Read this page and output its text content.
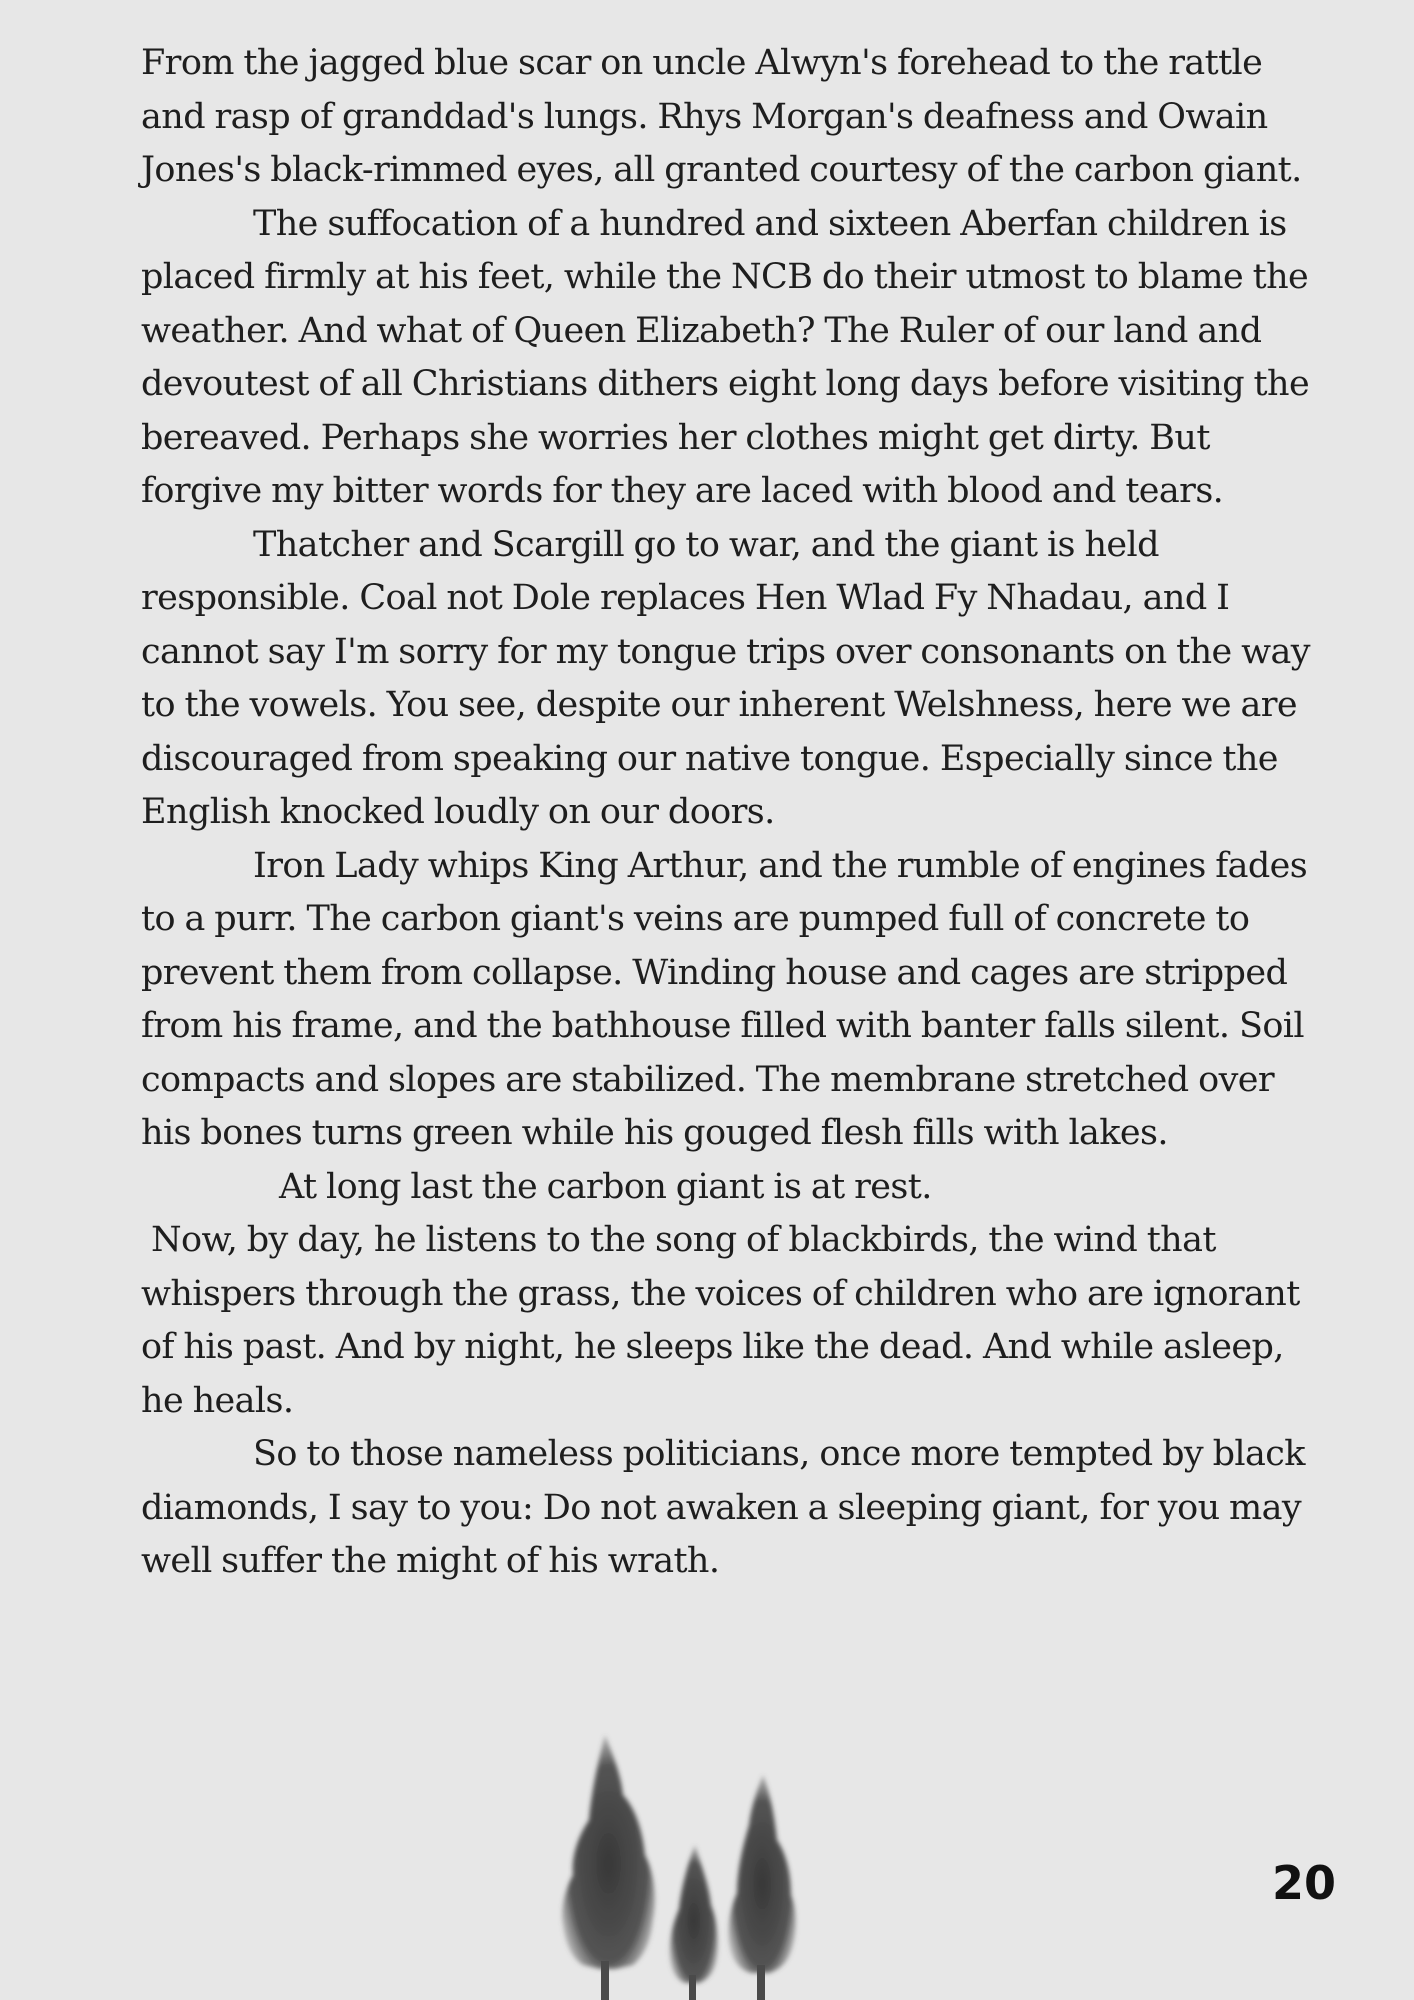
From the jagged blue scar on uncle Alwyn's forehead to the rattle and rasp of granddad's lungs. Rhys Morgan's deafness and Owain Jones's black-rimmed eyes, all granted courtesy of the carbon giant.

The suffocation of a hundred and sixteen Aberfan children is placed firmly at his feet, while the NCB do their utmost to blame the weather. And what of Queen Elizabeth? The Ruler of our land and devoutest of all Christians dithers eight long days before visiting the bereaved. Perhaps she worries her clothes might get dirty. But forgive my bitter words for they are laced with blood and tears.

Thatcher and Scargill go to war, and the giant is held responsible. Coal not Dole replaces Hen Wlad Fy Nhadau, and I cannot say I'm sorry for my tongue trips over consonants on the way to the vowels. You see, despite our inherent Welshness, here we are discouraged from speaking our native tongue. Especially since the English knocked loudly on our doors.

Iron Lady whips King Arthur, and the rumble of engines fades to a purr. The carbon giant's veins are pumped full of concrete to prevent them from collapse. Winding house and cages are stripped from his frame, and the bathhouse filled with banter falls silent. Soil compacts and slopes are stabilized. The membrane stretched over his bones turns green while his gouged flesh fills with lakes.

At long last the carbon giant is at rest.

Now, by day, he listens to the song of blackbirds, the wind that whispers through the grass, the voices of children who are ignorant of his past. And by night, he sleeps like the dead. And while asleep, he heals.

So to those nameless politicians, once more tempted by black diamonds, I say to you: Do not awaken a sleeping giant, for you may well suffer the might of his wrath.

20
